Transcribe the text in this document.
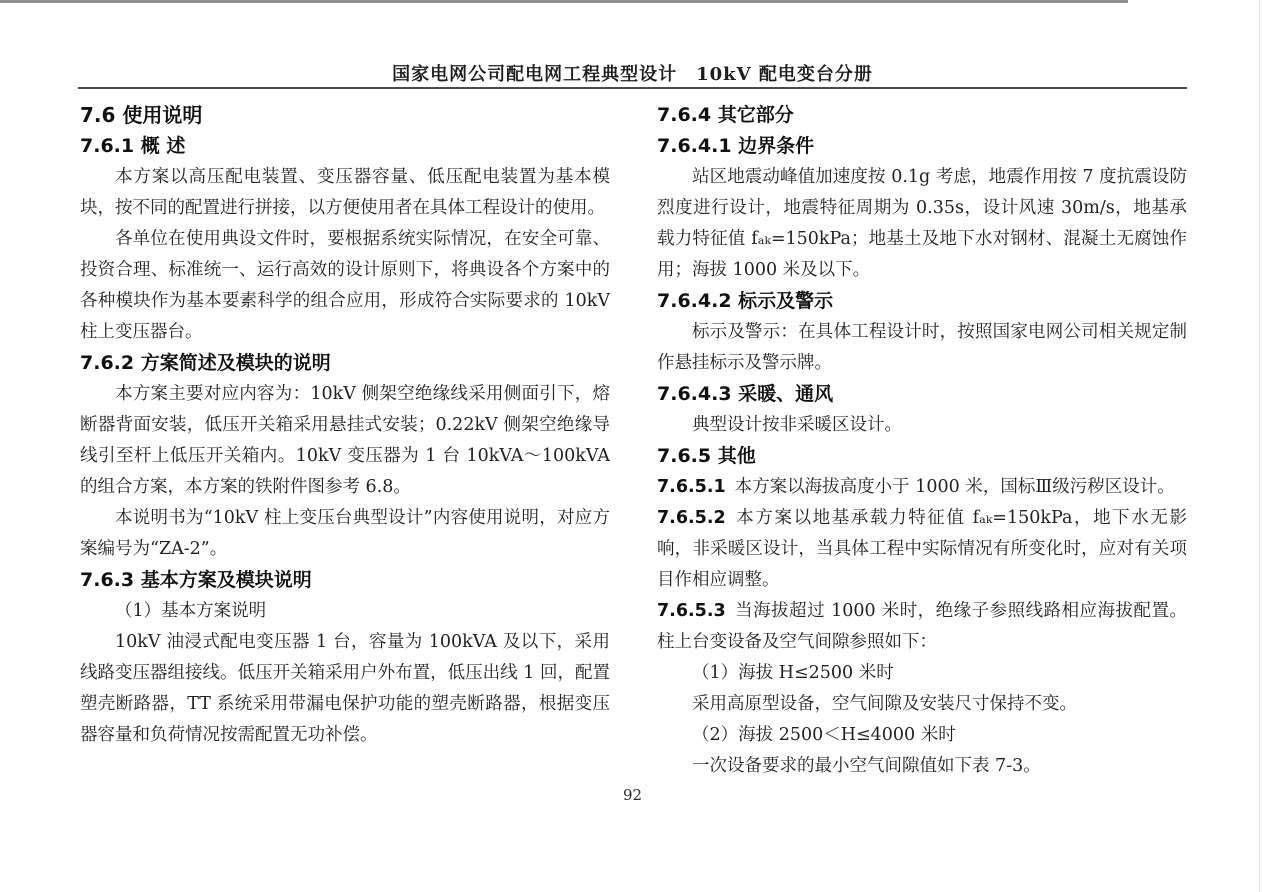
国家电网公司配电网工程典型设计　10kV 配电变台分册
7.6 使用说明
7.6.1 概 述

本方案以高压配电装置、变压器容量、低压配电装置为基本模块，按不同的配置进行拼接，以方便使用者在具体工程设计的使用。

各单位在使用典设文件时，要根据系统实际情况，在安全可靠、投资合理、标准统一、运行高效的设计原则下，将典设各个方案中的各种模块作为基本要素科学的组合应用，形成符合实际要求的 10kV 柱上变压器台。

7.6.2 方案简述及模块的说明

本方案主要对应内容为：10kV 侧架空绝缘线采用侧面引下，熔断器背面安装，低压开关箱采用悬挂式安装；0.22kV 侧架空绝缘导线引至杆上低压开关箱内。10kV 变压器为 1 台 10kVA～100kVA 的组合方案，本方案的铁附件图参考 6.8。

本说明书为“10kV 柱上变压台典型设计”内容使用说明，对应方案编号为“ZA-2”。

7.6.3 基本方案及模块说明

（1）基本方案说明

10kV 油浸式配电变压器 1 台，容量为 100kVA 及以下，采用线路变压器组接线。低压开关箱采用户外布置，低压出线 1 回，配置塑壳断路器，TT 系统采用带漏电保护功能的塑壳断路器，根据变压器容量和负荷情况按需配置无功补偿。

7.6.4 其它部分
7.6.4.1 边界条件

站区地震动峰值加速度按 0.1g 考虑，地震作用按 7 度抗震设防烈度进行设计，地震特征周期为 0.35s，设计风速 30m/s，地基承载力特征值 fₐₖ=150kPa；地基土及地下水对钢材、混凝土无腐蚀作用；海拔 1000 米及以下。

7.6.4.2 标示及警示

标示及警示：在具体工程设计时，按照国家电网公司相关规定制作悬挂标示及警示牌。

7.6.4.3 采暖、通风

典型设计按非采暖区设计。

7.6.5 其他

7.6.5.1 本方案以海拔高度小于 1000 米，国标Ⅲ级污秽区设计。

7.6.5.2 本方案以地基承载力特征值 fₐₖ=150kPa，地下水无影响，非采暖区设计，当具体工程中实际情况有所变化时，应对有关项目作相应调整。

7.6.5.3 当海拔超过 1000 米时，绝缘子参照线路相应海拔配置。柱上台变设备及空气间隙参照如下：

（1）海拔 H≤2500 米时

采用高原型设备，空气间隙及安装尺寸保持不变。

（2）海拔 2500＜H≤4000 米时

一次设备要求的最小空气间隙值如下表 7-3。

92
